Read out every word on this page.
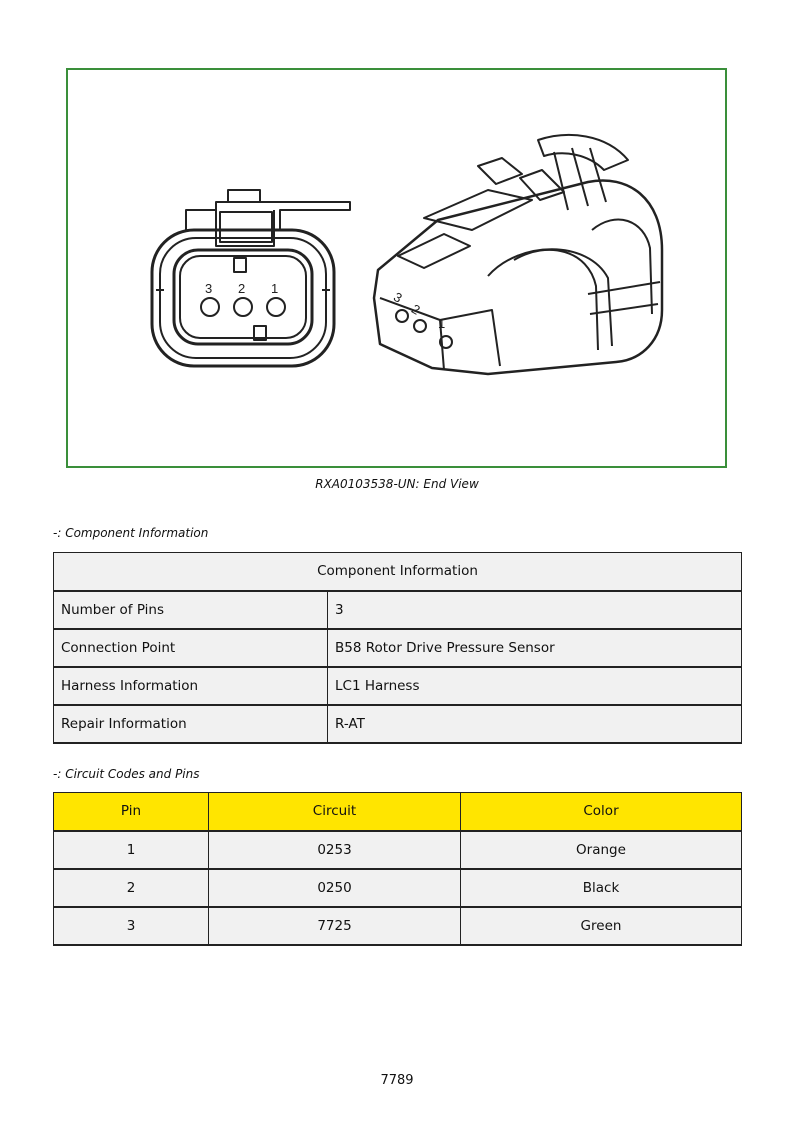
3 2 1
3
2
1
RXA0103538-UN: End View
-: Component Information
Component Information	
Number of Pins	3
Connection Point	B58 Rotor Drive Pressure Sensor
Harness Information	LC1 Harness
Repair Information	R-AT
-: Circuit Codes and Pins
Pin	Circuit	Color
1	0253	Orange
2	0250	Black
3	7725	Green
7789
